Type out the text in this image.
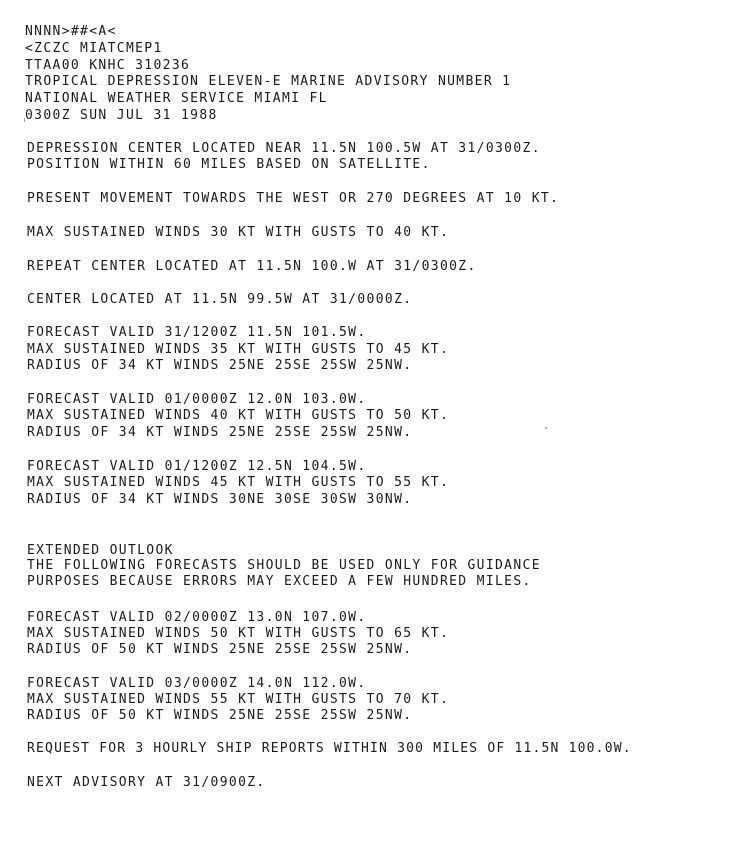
NNNN>##<A<

<ZCZC MIATCMEP1

TTAA00 KNHC 310236

TROPICAL DEPRESSION ELEVEN-E MARINE ADVISORY NUMBER 1

NATIONAL WEATHER SERVICE MIAMI FL

0300Z SUN JUL 31 1988

DEPRESSION CENTER LOCATED NEAR 11.5N 100.5W AT 31/0300Z.

POSITION WITHIN 60 MILES BASED ON SATELLITE.

PRESENT MOVEMENT TOWARDS THE WEST OR 270 DEGREES AT 10 KT.

MAX SUSTAINED WINDS 30 KT WITH GUSTS TO 40 KT.

REPEAT CENTER LOCATED AT 11.5N 100.W AT 31/0300Z.

CENTER LOCATED AT 11.5N 99.5W AT 31/0000Z.

FORECAST VALID 31/1200Z 11.5N 101.5W.

MAX SUSTAINED WINDS 35 KT WITH GUSTS TO 45 KT.

RADIUS OF 34 KT WINDS 25NE 25SE 25SW 25NW.

FORECAST VALID 01/0000Z 12.0N 103.0W.

MAX SUSTAINED WINDS 40 KT WITH GUSTS TO 50 KT.

RADIUS OF 34 KT WINDS 25NE 25SE 25SW 25NW.

FORECAST VALID 01/1200Z 12.5N 104.5W.

MAX SUSTAINED WINDS 45 KT WITH GUSTS TO 55 KT.

RADIUS OF 34 KT WINDS 30NE 30SE 30SW 30NW.

EXTENDED OUTLOOK

THE FOLLOWING FORECASTS SHOULD BE USED ONLY FOR GUIDANCE

PURPOSES BECAUSE ERRORS MAY EXCEED A FEW HUNDRED MILES.

FORECAST VALID 02/0000Z 13.0N 107.0W.

MAX SUSTAINED WINDS 50 KT WITH GUSTS TO 65 KT.

RADIUS OF 50 KT WINDS 25NE 25SE 25SW 25NW.

FORECAST VALID 03/0000Z 14.0N 112.0W.

MAX SUSTAINED WINDS 55 KT WITH GUSTS TO 70 KT.

RADIUS OF 50 KT WINDS 25NE 25SE 25SW 25NW.

REQUEST FOR 3 HOURLY SHIP REPORTS WITHIN 300 MILES OF 11.5N 100.0W.

NEXT ADVISORY AT 31/0900Z.
